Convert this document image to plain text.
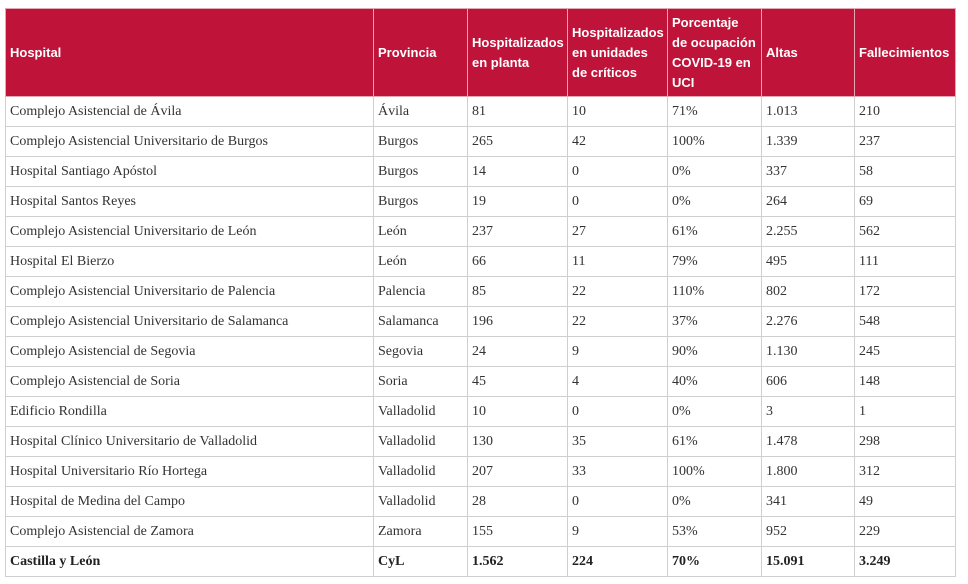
Hospital	Provincia	Hospitalizados en planta	Hospitalizados en unidades de críticos	Porcentaje de ocupación COVID-19 en UCI	Altas	Fallecimientos
Complejo Asistencial de Ávila	Ávila	81	10	71%	1.013	210
Complejo Asistencial Universitario de Burgos	Burgos	265	42	100%	1.339	237
Hospital Santiago Apóstol	Burgos	14	0	0%	337	58
Hospital Santos Reyes	Burgos	19	0	0%	264	69
Complejo Asistencial Universitario de León	León	237	27	61%	2.255	562
Hospital El Bierzo	León	66	11	79%	495	111
Complejo Asistencial Universitario de Palencia	Palencia	85	22	110%	802	172
Complejo Asistencial Universitario de Salamanca	Salamanca	196	22	37%	2.276	548
Complejo Asistencial de Segovia	Segovia	24	9	90%	1.130	245
Complejo Asistencial de Soria	Soria	45	4	40%	606	148
Edificio Rondilla	Valladolid	10	0	0%	3	1
Hospital Clínico Universitario de Valladolid	Valladolid	130	35	61%	1.478	298
Hospital Universitario Río Hortega	Valladolid	207	33	100%	1.800	312
Hospital de Medina del Campo	Valladolid	28	0	0%	341	49
Complejo Asistencial de Zamora	Zamora	155	9	53%	952	229
Castilla y León	CyL	1.562	224	70%	15.091	3.249
